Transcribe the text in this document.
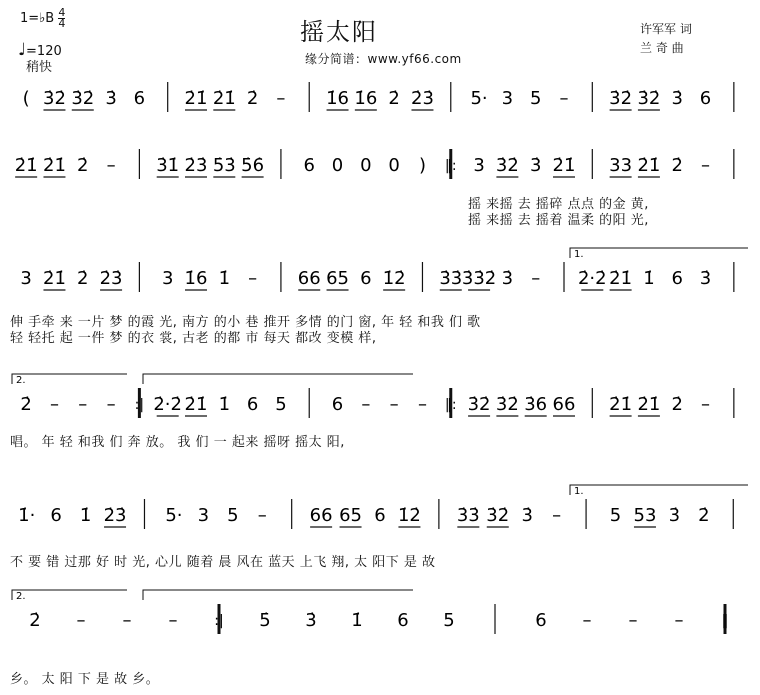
1=♭B $\frac{4}{4}$
♩=120
稍快
摇太阳
缘分简谱：www.yf66.com
许军军 词
兰 奇 曲
( 3̇2̇ 3̇2̇ 3̇ 6 2̇1̇ 2̇1̇ 2̇ – 1̇6 1̇6 2̇ 2̇3̇ 5· 3 5 – 3̇2̇ 3̇2̇ 3̇ 6
2̇1̇ 2̇1̇ 2̇ – 3̇1̇ 2̇3̇ 5̇3̇ 5̇6̇ 6 0 0 0 ) ‖: 3 3̇2̇ 3̇ 2̇1̇ 33 2̇1̇ 2̇ –
摇 来摇 去 摇碎 点点 的金 黄,
摇 来摇 去 摇着 温柔 的阳 光,
3 2̇1̇ 2̇ 2̇3̇ 3 1̇6 1̇ – 66 65 6 1̇2̇ 3̇3̇ 3̇3̇2̇ 3̇ – 2̇·2̇ 2̇1̇ 1̇ 6 3̇
1.
伸 手牵 来 一片 梦 的霞 光, 南方 的小 巷 推开 多情 的门 窗, 年 轻 和我 们 歌
轻 轻托 起 一件 梦 的衣 裳, 古老 的都 市 每天 都改 变模 样,
2̇ – – – :| 2̇·2̇ 2̇1̇ 1̇ 6 5	6 – – – ‖: 3̇2̇ 3̇2̇ 3̇6 66 2̇1̇ 2̇1̇ 2̇ –
2.
唱。 年 轻 和我 们 奔 放。 我 们 一 起来 摇呀 摇太 阳,
1̇· 6 1̇ 2̇3̇ 5· 3 5 – 66 65 6 1̇2̇ 3̇3̇ 3̇2̇ 3̇ –	5 53 3̇ 2̇
1.
不 要 错 过那 好 时 光, 心儿 随着 晨 风在 蓝天 上飞 翔, 太 阳下 是 故
2̇ – – –	:| 5̇ 3̇ 1̇ 6 5	6 – – –	‖
2.
乡。 太 阳 下 是 故 乡。
